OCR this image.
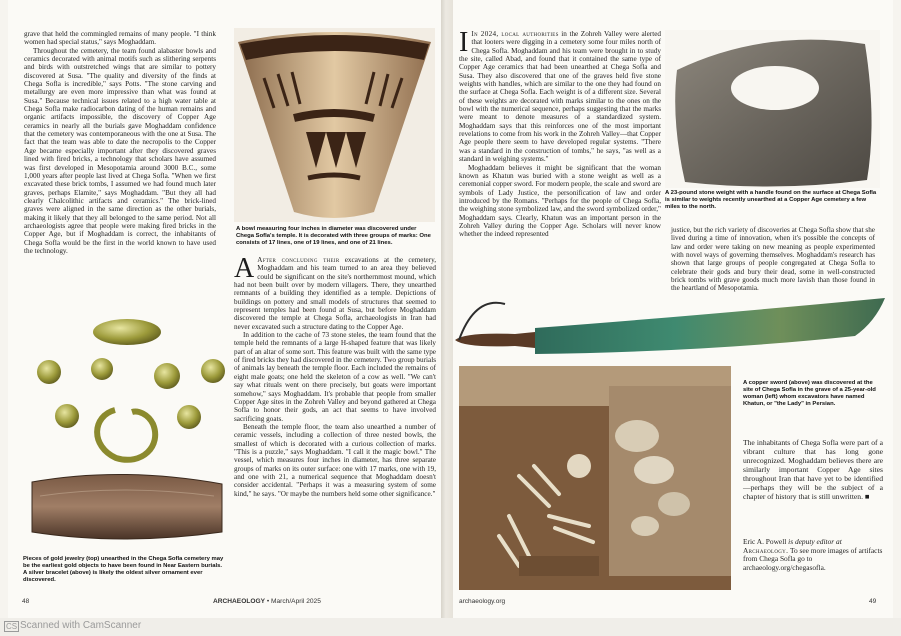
grave that held the commingled remains of many people. "I think women had special status," says Moghaddam.

Throughout the cemetery, the team found alabaster bowls and ceramics decorated with animal motifs such as slithering serpents and birds with outstretched wings that are similar to pottery discovered at Susa. "The quality and diversity of the finds at Chega Sofla is incredible," says Potts. "The stone carving and metallurgy are even more impressive than what was found at Susa." Because technical issues related to a high water table at Chega Sofla make radiocarbon dating of the human remains and organic artifacts impossible, the discovery of Copper Age ceramics in nearly all the burials gave Moghaddam confidence that the cemetery was contemporaneous with the one at Susa. The fact that the team was able to date the necropolis to the Copper Age became especially important after they discovered graves lined with fired bricks, a technology that scholars have assumed was first developed in Mesopotamia around 3000 B.C., some 1,000 years after people last lived at Chega Sofla. "When we first excavated these brick tombs, I assumed we had found much later graves, perhaps Elamite," says Moghaddam. "But they all had clearly Chalcolithic artifacts and ceramics." The brick-lined graves were aligned in the same direction as the other burials, making it likely that they all belonged to the same period. Not all archaeologists agree that people were making fired bricks in the Copper Age, but if Moghaddam is correct, the inhabitants of Chega Sofla would be the first in the world known to have used the technology.

Pieces of gold jewelry (top) unearthed in the Chega Sofla cemetery may be the earliest gold objects to have been found in Near Eastern burials. A silver bracelet (above) is likely the oldest silver ornament ever discovered.
A bowl measuring four inches in diameter was discovered under Chega Sofla's temple. It is decorated with three groups of marks: One consists of 17 lines, one of 19 lines, and one of 21 lines.

A After concluding their excavations at the cemetery, Moghaddam and his team turned to an area they believed could be significant on the site's northernmost mound, which had not been built over by modern villagers. There, they unearthed remnants of a building they identified as a temple. Depictions of buildings on pottery and small models of structures that seemed to represent temples had been found at Susa, but before Moghaddam discovered the temple at Chega Sofla, archaeologists in Iran had never excavated such a structure dating to the Copper Age.

In addition to the cache of 73 stone steles, the team found that the temple held the remnants of a large H-shaped feature that was likely part of an altar of some sort. This feature was built with the same type of fired bricks they had discovered in the cemetery. Two group burials of animals lay beneath the temple floor. Each included the remains of eight male goats; one held the skeleton of a cow as well. "We can't say what rituals went on there precisely, but goats were important somehow," says Moghaddam. It's probable that people from smaller Copper Age sites in the Zohreh Valley and beyond gathered at Chega Sofla to honor their gods, an act that seems to have involved sacrificing goats.

Beneath the temple floor, the team also unearthed a number of ceramic vessels, including a collection of three nested bowls, the smallest of which is decorated with a curious collection of marks. "This is a puzzle," says Moghaddam. "I call it the magic bowl." The vessel, which measures four inches in diameter, has three separate groups of marks on its outer surface: one with 17 marks, one with 19, and one with 21, a numerical sequence that Moghaddam doesn't consider accidental. "Perhaps it was a measuring system of some kind," he says. "Or maybe the numbers held some other significance."

48	ARCHAEOLOGY • March/April 2025

I In 2024, local authorities in the Zohreh Valley were alerted that looters were digging in a cemetery some four miles north of Chega Sofla. Moghaddam and his team were brought in to study the site, called Abad, and found that it contained the same type of Copper Age ceramics that had been unearthed at Chega Sofla and Susa. They also discovered that one of the graves held five stone weights with handles, which are similar to the one they had found on the surface at Chega Sofla. Each weight is of a different size. Several of these weights are decorated with marks similar to the ones on the bowl with the numerical sequence, perhaps suggesting that the marks were meant to denote measures of a standardized system. Moghaddam says that this reinforces one of the most important revelations to come from his work in the Zohreh Valley—that Copper Age people there seem to have developed regular systems. "There was a standard in the construction of tombs," he says, "as well as a standard in weighing systems."

Moghaddam believes it might be significant that the woman known as Khatun was buried with a stone weight as well as a ceremonial copper sword. For modern people, the scale and sword are symbols of Lady Justice, the personification of law and order introduced by the Romans. "Perhaps for the people of Chega Sofla, the weighing stone symbolized law, and the sword symbolized order," Moghaddam says. Clearly, Khatun was an important person in the Zohreh Valley during the Copper Age. Scholars will never know whether the indeed represented

justice, but the rich variety of discoveries at Chega Sofla show that she lived during a time of innovation, when it's possible the concepts of law and order were taking on new meaning as people experimented with novel ways of governing themselves. Moghaddam's research has shown that large groups of people congregated at Chega Sofla to celebrate their gods and bury their dead, some in well-constructed brick tombs with grave goods much more lavish than those found in the heartland of Mesopotamia.

A 23-pound stone weight with a handle found on the surface at Chega Sofla is similar to weights recently unearthed at a Copper Age cemetery a few miles to the north.
A copper sword (above) was discovered at the site of Chega Sofla in the grave of a 25-year-old woman (left) whom excavators have named Khatun, or "the Lady" in Persian.

The inhabitants of Chega Sofla were part of a vibrant culture that has long gone unrecognized. Moghaddam believes there are similarly important Copper Age sites throughout Iran that have yet to be identified—perhaps they will be the subject of a chapter of history that is still unwritten. ■

Eric A. Powell is deputy editor at Archaeology. To see more images of artifacts from Chega Sofla go to archaeology.org/chegasofla.

archaeology.org	49
CS Scanned with CamScanner
